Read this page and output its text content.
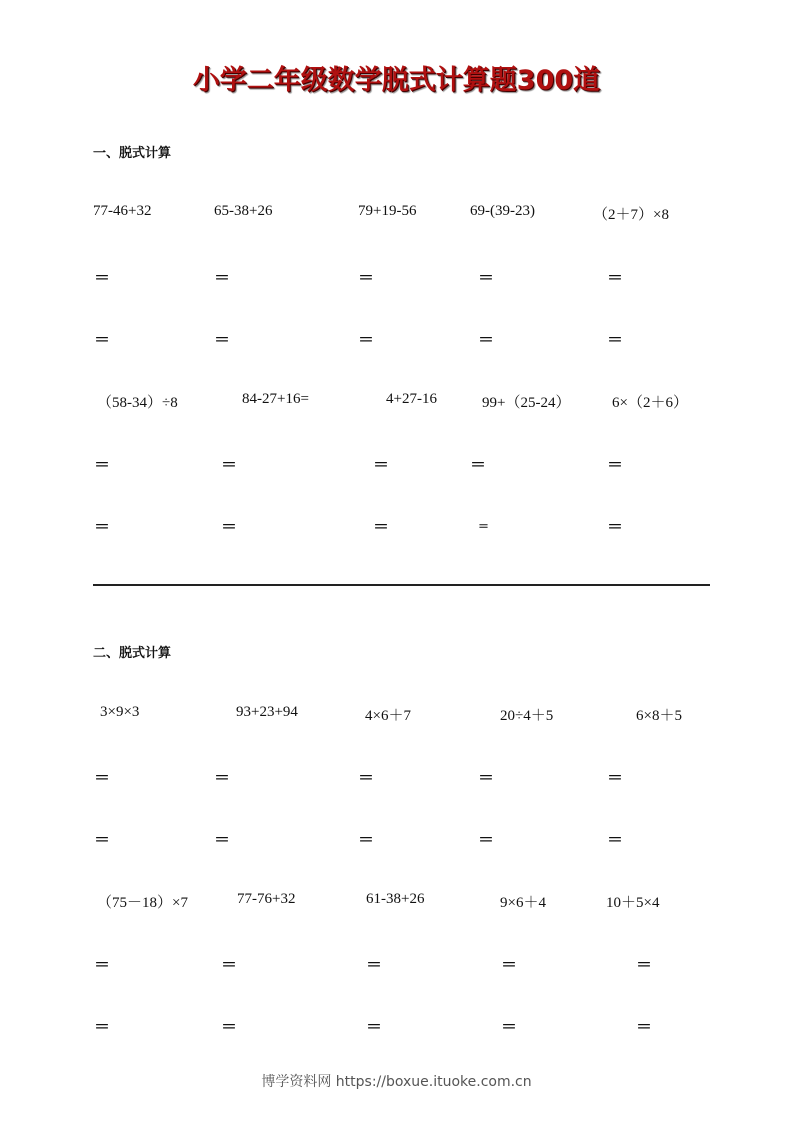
小学二年级数学脱式计算题300道
一、脱式计算
77-46+32	65-38+26	79+19-56	69-(39-23)	（2＋7）×8
＝	＝	＝	＝	＝
＝	＝	＝	＝	＝
（58-34）÷8	84-27+16=	4+27-16	99+（25-24）	6×（2＋6）
＝	＝	＝	＝	＝
＝	＝	＝	＝	＝
二、脱式计算
3×9×3	93+23+94	4×6＋7	20÷4＋5	6×8＋5
＝	＝	＝	＝	＝
＝	＝	＝	＝	＝
（75－18）×7	77-76+32	61-38+26	9×6＋4	10＋5×4
＝	＝	＝	＝	＝
＝	＝	＝	＝	＝
博学资料网 https://boxue.ituoke.com.cn
